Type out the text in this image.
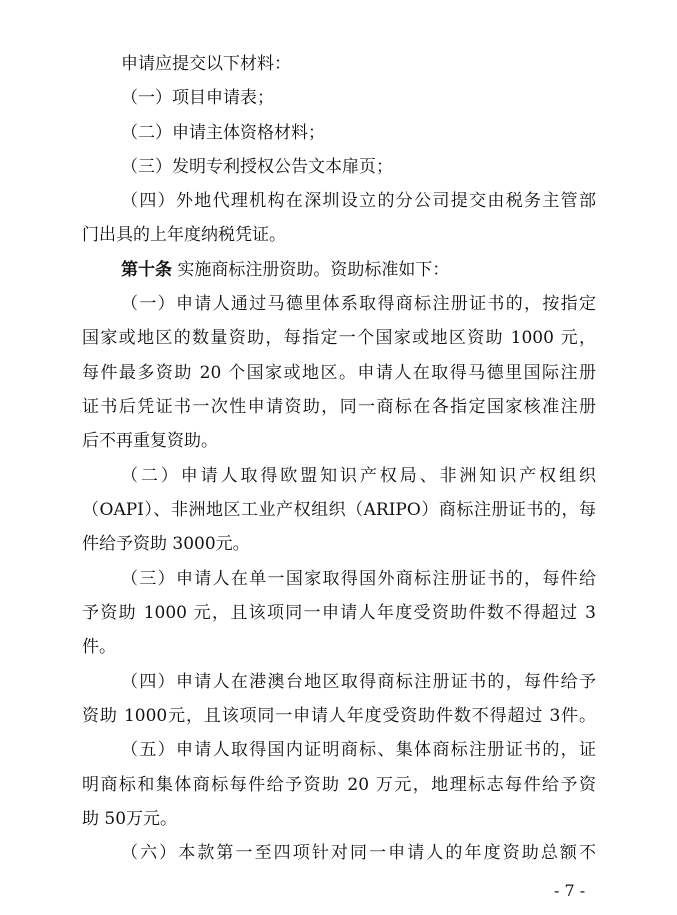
申请应提交以下材料：
（一）项目申请表；
（二）申请主体资格材料；
（三）发明专利授权公告文本扉页；
（四）外地代理机构在深圳设立的分公司提交由税务主管部
门出具的上年度纳税凭证。
第十条 实施商标注册资助。资助标准如下：
（一）申请人通过马德里体系取得商标注册证书的，按指定
国家或地区的数量资助，每指定一个国家或地区资助 1000 元，
每件最多资助 20 个国家或地区。申请人在取得马德里国际注册
证书后凭证书一次性申请资助，同一商标在各指定国家核准注册
后不再重复资助。
（二）申请人取得欧盟知识产权局、非洲知识产权组织
（OAPI）、非洲地区工业产权组织（ARIPO）商标注册证书的，每
件给予资助 3000元。
（三）申请人在单一国家取得国外商标注册证书的，每件给
予资助 1000 元，且该项同一申请人年度受资助件数不得超过 3
件。
（四）申请人在港澳台地区取得商标注册证书的，每件给予
资助 1000元，且该项同一申请人年度受资助件数不得超过 3件。
（五）申请人取得国内证明商标、集体商标注册证书的，证
明商标和集体商标每件给予资助 20 万元，地理标志每件给予资
助 50万元。
（六）本款第一至四项针对同一申请人的年度资助总额不
- 7 -
